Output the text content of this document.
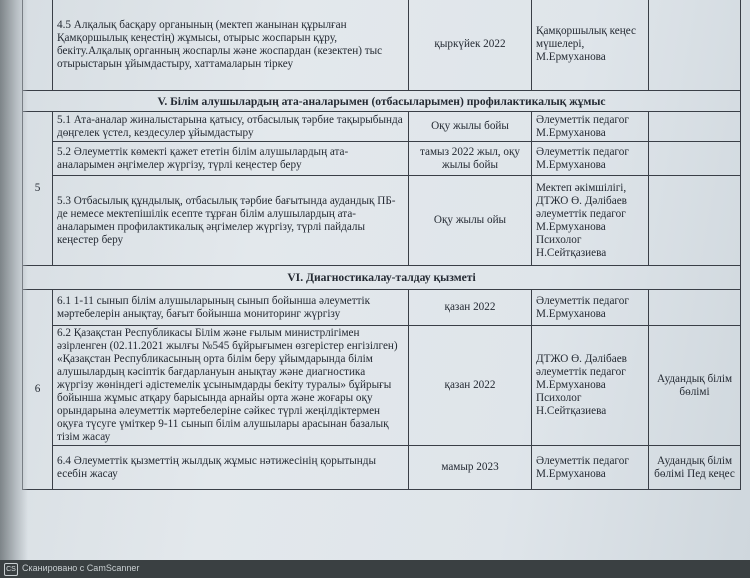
	4.5 Алқалық басқару органының (мектеп жанынан құрылған Қамқоршылық кеңестің) жұмысы, отырыс жоспарын құру, бекіту.Алқалық органның жоспарлы және жоспардан (кезектен) тыс отырыстарын ұйымдастыру, хаттамаларын тіркеу	қыркүйек 2022	Қамқоршылық кеңес мүшелері, М.Ермуханова	
V. Білім алушылардың ата-аналарымен (отбасыларымен) профилактикалық жұмыс				
5	5.1 Ата-аналар жиналыстарына қатысу, отбасылық тәрбие тақырыбында дөңгелек үстел, кездесулер ұйымдастыру	Оқу жылы бойы	Әлеуметтік педагог М.Ермуханова	
	5.2 Әлеуметтік көмекті қажет ететін білім алушылардың ата-аналарымен әңгімелер жүргізу, түрлі кеңестер беру	тамыз 2022 жыл, оқу жылы бойы	Әлеуметтік педагог М.Ермуханова	
	5.3 Отбасылық құндылық, отбасылық тәрбие бағытында аудандық ПБ-де немесе мектепішілік есепте тұрған білім алушылардың ата-аналарымен профилактикалық әңгімелер жүргізу, түрлі пайдалы кеңестер беру	Оқу жылы ойы	Мектеп әкімшілігі, ДТЖО Ө. Дәлібаев әлеуметтік педагог М.Ермуханова Психолог Н.Сейтқазиева	
VI. Диагностикалау-талдау қызметі				
6	6.1 1-11 сынып білім алушыларының сынып бойынша әлеуметтік мәртебелерін анықтау, бағыт бойынша мониторинг жүргізу	қазан 2022	Әлеуметтік педагог М.Ермуханова	
	6.2 Қазақстан Республикасы Білім және ғылым министрлігімен әзірленген (02.11.2021 жылғы №545 бұйрығымен өзгерістер енгізілген) «Қазақстан Республикасының орта білім беру ұйымдарында білім алушылардың кәсіптік бағдарлануын анықтау және диагностика жүргізу жөніндегі әдістемелік ұсынымдарды бекіту туралы» бұйрығы бойынша жұмыс атқару барысында арнайы орта және жоғары оқу орындарына әлеуметтік мәртебелеріне сәйкес түрлі жеңілдіктермен оқуға түсуге үміткер 9-11 сынып білім алушылары арасынан базалық тізім жасау	қазан 2022	ДТЖО Ө. Дәлібаев әлеуметтік педагог М.Ермуханова Психолог Н.Сейтқазиева	Аудандық білім бөлімі
	6.4 Әлеуметтік қызметтің жылдық жұмыс нәтижесінің қорытынды есебін жасау	мамыр 2023	Әлеуметтік педагог М.Ермуханова	Аудандық білім бөлімі Пед кеңес
CS Сканировано с CamScanner
